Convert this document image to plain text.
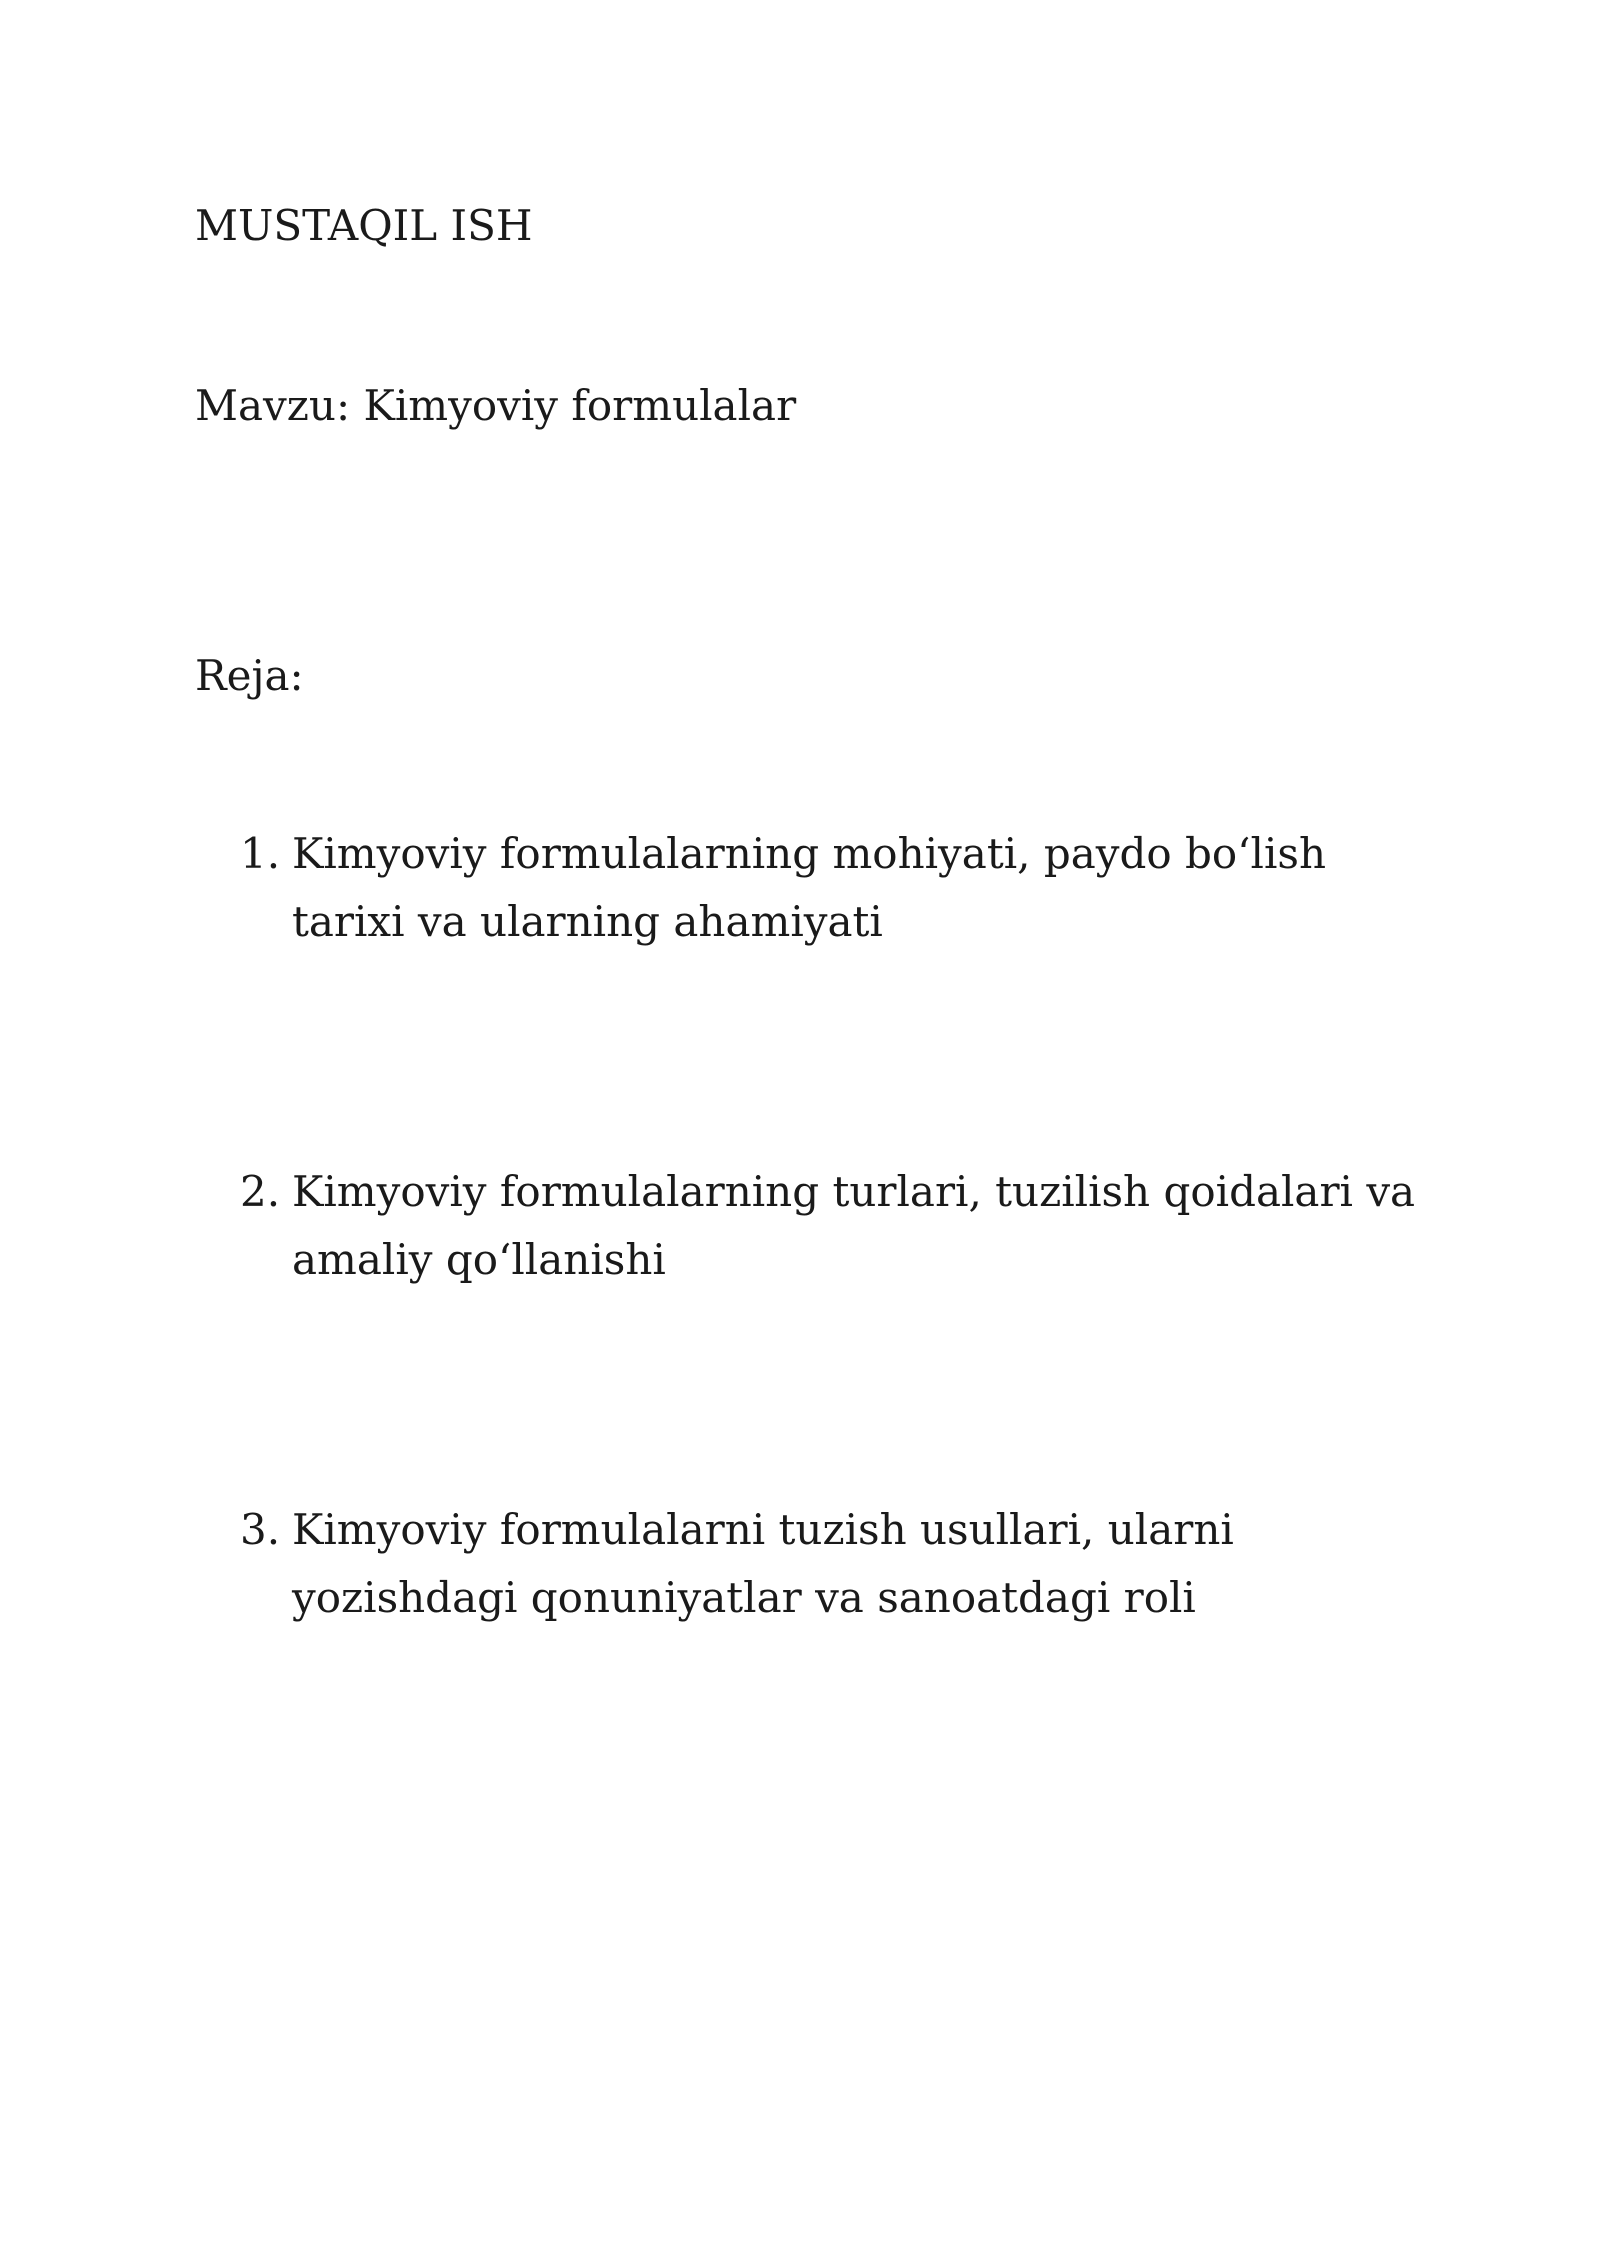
MUSTAQIL ISH

Mavzu: Kimyoviy formulalar

Reja:

1. Kimyoviy formulalarning mohiyati, paydo bo‘lish tarixi va ularning ahamiyati
2. Kimyoviy formulalarning turlari, tuzilish qoidalari va amaliy qo‘llanishi
3. Kimyoviy formulalarni tuzish usullari, ularni yozishdagi qonuniyatlar va sanoatdagi roli
